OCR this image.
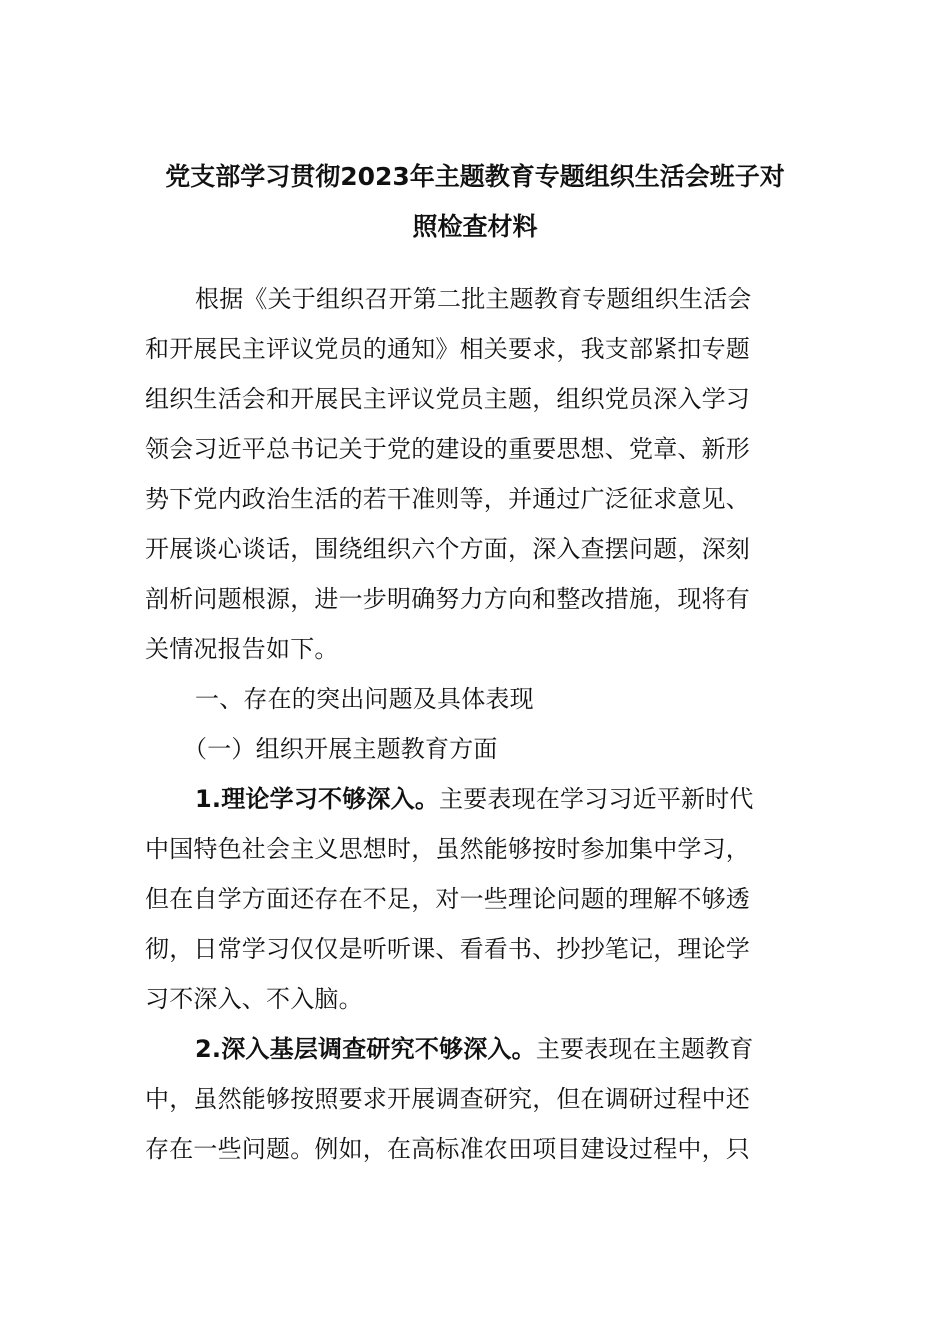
党支部学习贯彻2023年主题教育专题组织生活会班子对
照检查材料
根据《关于组织召开第二批主题教育专题组织生活会
和开展民主评议党员的通知》相关要求，我支部紧扣专题
组织生活会和开展民主评议党员主题，组织党员深入学习
领会习近平总书记关于党的建设的重要思想、党章、新形
势下党内政治生活的若干准则等，并通过广泛征求意见、
开展谈心谈话，围绕组织六个方面，深入查摆问题，深刻
剖析问题根源，进一步明确努力方向和整改措施，现将有
关情况报告如下。
一、存在的突出问题及具体表现
（一）组织开展主题教育方面
1.理论学习不够深入。主要表现在学习习近平新时代
中国特色社会主义思想时，虽然能够按时参加集中学习，
但在自学方面还存在不足，对一些理论问题的理解不够透
彻，日常学习仅仅是听听课、看看书、抄抄笔记，理论学
习不深入、不入脑。
2.深入基层调查研究不够深入。主要表现在主题教育
中，虽然能够按照要求开展调查研究，但在调研过程中还
存在一些问题。例如，在高标准农田项目建设过程中，只
